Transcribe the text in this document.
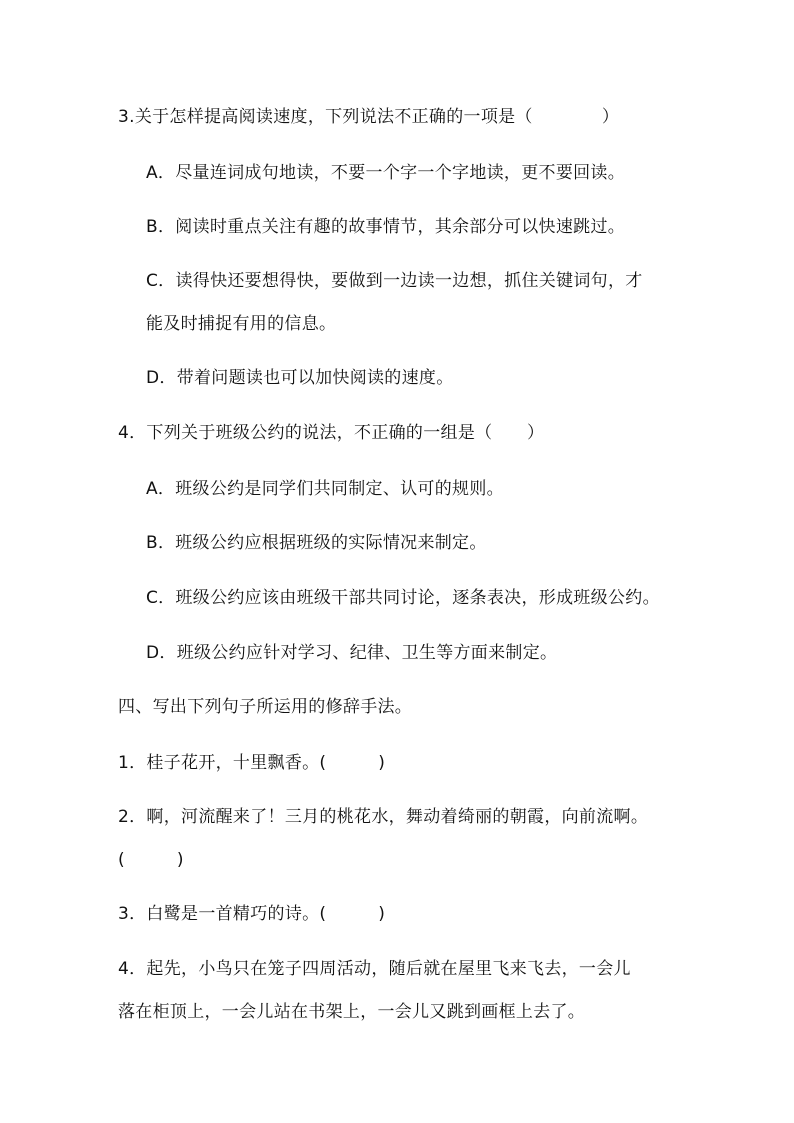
3.关于怎样提高阅读速度，下列说法不正确的一项是（　　　　）
A．尽量连词成句地读，不要一个字一个字地读，更不要回读。
B．阅读时重点关注有趣的故事情节，其余部分可以快速跳过。
C．读得快还要想得快，要做到一边读一边想，抓住关键词句，才
能及时捕捉有用的信息。
D．带着问题读也可以加快阅读的速度。
4．下列关于班级公约的说法，不正确的一组是（　　）
A．班级公约是同学们共同制定、认可的规则。
B．班级公约应根据班级的实际情况来制定。
C．班级公约应该由班级干部共同讨论，逐条表决，形成班级公约。
D．班级公约应针对学习、纪律、卫生等方面来制定。
四、写出下列句子所运用的修辞手法。
1．桂子花开，十里飘香。(　　　)
2．啊，河流醒来了！三月的桃花水，舞动着绮丽的朝霞，向前流啊。
(　　　)
3．白鹭是一首精巧的诗。(　　　)
4．起先，小鸟只在笼子四周活动，随后就在屋里飞来飞去，一会儿
落在柜顶上，一会儿站在书架上，一会儿又跳到画框上去了。
